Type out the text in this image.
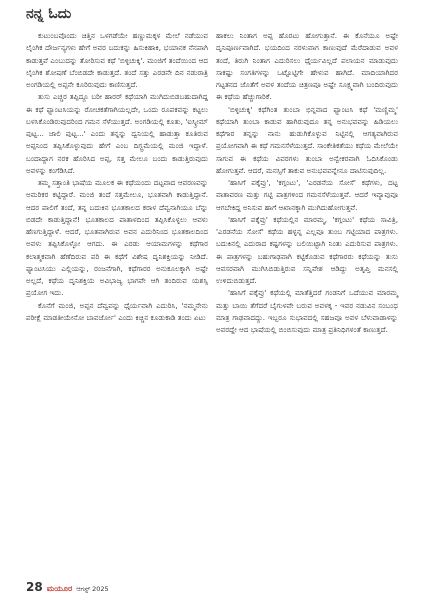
ನನ್ನ ಓದು

ಕುಟುಂಬವೊಂದು ಚಿತ್ತಿನ ಒಳಗಡೆಯೇ ಹಣ್ಣುಮಕ್ಕಳ ಮೇಲೆ ನಡೆಯುವ ಲೈಂಗಿಕ ದೌರ್ಜನ್ಯಗಳು ಹೇಗೆ ಅವರ ಬದುಕನ್ನು ಹಿಸುಕಿಹಾಕಿ, ಭಯಾನಕ ನೆನಪಾಗಿ ಕಾಡುತ್ತವೆ ಎಂಬುದನ್ನು ತೋರಿಸುವ ಕಥೆ 'ಬಿಳ್ಳಿಚುಕ್ಕಿ'. ಮಂಜಿಗೆ ತಂದೆಯಿಂದ ಆದ ಲೈಂಗಿಕ ಶೋಷಣೆ ಬೆಂಬಿಡದೇ ಕಾಡುತ್ತದೆ. ತಂದೆ ಸತ್ತು ಎರಡನೇ ದಿನ ನಡುರಾತ್ರಿ ಅಂಗಡಿಯಲ್ಲಿ ಅಪ್ಪನೇ ಕೂರಿರುವುದು ಕಾಣಿಸುತ್ತದೆ.

ತುಸು ಎಚ್ಚರ ತಪ್ಪಿದ್ದೂ ಬರೀ ಹಾರರ್ ಕಥೆಯಾಗಿ ಮುಗಿದುಬಿಡಬಹುದಾಗಿದ್ದ ಈ ಕಥೆ ಫ್ಯಾಂಟಸಿಯನ್ನು ರೋಚಕತೆಗಾಗಿಯಲ್ಲದೇ, ಒಂದು ರೂಪಕವನ್ನು ಕಟ್ಟಲು ಬಳಸಿಕೊಂಡಿರುವುದರಿಂದ ಗಮನ ಸೆಳೆಯುತ್ತದೆ. ಅಂಗಡಿಯಲ್ಲಿ ಕೂತು, 'ಐಸ್ಕ್ರೀಮ್ ಪುಟ್ಟ... ಜಾಲಿ ಪುಟ್ಟ...' ಎಂದು ತನ್ನನ್ನು ದ್ವನಿಯಲ್ಲಿ ಹಾಡುತ್ತಾ ಕೂತಿರುವ ಅಪ್ಪನಿಂದ ತಪ್ಪಿಸಿಕೊಳ್ಳುವುದು ಹೇಗೆ ಎಂಬ ದಿಗ್ಭ್ರಮೆಯಲ್ಲಿ ಮಂಜಿ ಇದ್ದಾಳೆ. ಬಂದಾದ್ದಾಗ ನರಕ ಹೊರಿಸಿದ ಅಪ್ಪ, ಸತ್ತ ಮೇಲೂ ಬಂದು ಕಾಡುತ್ತಿರುವುದು ಅವಳನ್ನು ಕಂಗೆಡಿಸಿದೆ.

ತಮ್ಮ ಸತ್ತಾಂತಿ ಭಾಷೆಯ ಮೂಲಕ ಈ ಕಥೆಯಂದು ದಟ್ಟವಾದ ಆವರಣವನ್ನು ಅಮರಿಕರ ಕಟ್ಟಿದ್ದಾರೆ. ಮಂಜಿ ತಂದೆ ಸತ್ತಮೇಲೂ, ಭೂತವಾಗಿ ಕಾಡುತ್ತಿದ್ದಾನೆ. ಆದರ ಪಾಲಿಗೆ ತಂದೆ, ತನ್ನ ಬದುಕಿನ ಭೂತಕಾಲದ ಕರಾಳ ದೆವ್ವನಾಗಿಯೂ ಬೆನ್ನು ಬಿಡದೇ ಕಾಡುತ್ತಿದ್ದಾನೆ! ಭೂತಕಾಲದ ಪಾತಾಳದಿಂದ ತಪ್ಪಿಸಿಕೊಳ್ಳಲು ಆವಳು ಹೆಣಗುತ್ತಿದ್ದಾಳೆ. ಆದರೆ, ಭೂತವಾಗಿರುವ ಅವನ ಎದುರಿನಿಂದ ಭೂತಕಾಲದಿಂದ ಅವಳು ತಪ್ಪಿಸಿಕೊಳ್ಳೋ ಆಗದು. ಈ ಎರಡು ಆಯಾಮಗಳನ್ನು ಕಥೆಗಾರ ಕಲಾತ್ಮಕವಾಗಿ ಹೆಣೆದಿರುವ ಪರಿ ಈ ಕಥೆಗೆ ವಿಶೇಷ ದೃನಿಶಕ್ತಿಯನ್ನು ನೀಡಿದೆ. ಫ್ಯಾಂಟಸಿಯು ಎಲ್ಲಿಯನ್ನು, ರಂಜನೆಗಾಗಿ, ಕಥೆಗಾರರ ಅನುಕೂಲಕ್ಕಾಗಿ ಅಷ್ಟೇ ಅಲ್ಲದೆ, ಕಥೆಯ ದೃನಿಶಕ್ತಿಯ ಅವಿಭಾಜ್ಯ ಭಾಗವೇ ಆಗಿ ತಂದಿರುವ ಯಶಸ್ಸಿ ಪ್ರಯೋಗ ಇದು.

ಕೊನೆಗೆ ಮಂಜಿ, ಅಪ್ಪನ ದೆವ್ವವನ್ನು ಧೈರ್ಯವಾಗಿ ಎದುರಿಸಿ, 'ನಮ್ಮನೇನು ಪರೀಕ್ಷೆ ಮಾಡತೀಯೇನೋ ಬಾವರ್ಜೋ' ಎಂದು ಕಿಚ್ಚಿನ ಕೂಡುಕಾಡಿ ತಂದು ಏಟು

ಹಾಕಲು ನಿಂತಾಗ ಅಪ್ಪ ಹೊರಟು ಹೋಗುತ್ತಾನೆ. ಈ ಕೊನೆಯೂ ಅಷ್ಟೇ ದೃನಿಪೂರ್ಣವಾಗಿದೆ. ಭಯದಿಂದ ನರಳುವಾಗ ಕಾಣುವುದೆ ಮೆರೆದಾಡುವ ಅವಳ ತಂದೆ, ತಿರುಗಿ ನಿಂತಾಗ ಎದುರಿಸಲು ಧೈರ್ಯವಿಲ್ಲದೆ ಪಲಾಯನ ಮಾಡುವುದು ಸಾಕಷ್ಟು ಸಂಗತಿಗಳನ್ನು ಒಟ್ಟೊಟ್ಟಿಗೇ ಹೇಳುವ ಹಾಗಿದೆ. ಮಾದಿಯಾಗಿದರ ಗಟ್ಟತನದ ಜೊತೆಗೆ ಅವಳ ತಂದೆಯ ಚಿತ್ರಣವೂ ಅಷ್ಟೇ ಸೂಕ್ಷ್ಮವಾಗಿ ಬಂದಿರುವುದು ಈ ಕಥೆಯ ಹೆಚ್ಚುಗಾರಿಕೆ.

'ಬಿಳ್ಳಿಚುಕ್ಕಿ' ಕಥೆಗಿಂತ ತುಂಬಾ ಭಿನ್ನವಾದ ಫ್ಯಾಂಟಸಿ ಕಥೆ 'ಮಣ್ಣಿಮ್ಮ' ಕಥೆಯಾಗಿ ತುಂಬಾ ಕಾಡುವ ಹಾಗಿರುವುದೂ ತನ್ನ ಅನುಭವವನ್ನು ಹಿಡಿಯಲು ಕಥೆಗಾರ ತನ್ನನ್ನು ನಾನು ಹುಡುಗಿಕೊಳ್ಳುವ ನಿಟ್ಟಿನಲ್ಲಿ ಆಗತ್ಯವಾಗಿರುವ ಪ್ರಯೋಗವಾಗಿ ಈ ಕಥೆ ಗಮನಸೆಳೆಯುತ್ತದೆ. ಸಾಂಕೇತಿಕತೆಯು ಕಥೆಯ ಮೇಲೆಯೇ ಸಾಗುವ ಈ ಕಥೆಯ ವಿವರಗಳು ತುಂಬಾ ಅನ್ವೇಕರವಾಗಿ ಓದಿಸಿಕೊಂಡು ಹೋಗುತ್ತವೆ. ಆದರೆ, ಮನಸ್ಸಿಗೆ ತಾಕುವ ಅನುಭವವನ್ನೇನೂ ದಾಟಿಸುವುದಿಲ್ಲ.

'ಹಾಸಿಗೆ ಪಕ್ಕೆವ್ರು', 'ಕಗ್ಗಂಟು', 'ಎರಡನೆಯ ಸೋಸೆ' ಕಥೆಗಳು, ದಟ್ಟ ವಾತಾವರಣ ಮತ್ತು ಗಟ್ಟಿ ಪಾತ್ರಗಳಿಂದ ಗಮನಸೆಳೆಯುತ್ತವೆ. ಆದರೆ ಇವ್ಯಾವುವೂ ಆಗಬೇಕಿದ್ದ ಅನಿಸುವ ಹಾಗೆ ಆಖಾನಕ್ಕಾಗಿ ಮುಗಿದುಹೋಗುತ್ತವೆ.

'ಹಾಸಿಗೆ ಪಕ್ಕೆವ್ರು' ಕಥೆಯಲ್ಲಿನ ಮಾರಮ್ಮ, 'ಕಗ್ಗಂಟು' ಕಥೆಯ ಸಾವಿತ್ರಿ, 'ಎರಡನೆಯ ಸೋಸೆ' ಕಥೆಯ ಹಳ್ಳನ್ನ ಎಲ್ಲವೂ ತುಂಬ ಗಟ್ಟಿಯಾದ ಪಾತ್ರಗಳು. ಬದುಕಿನಲ್ಲಿ ಎದುರಾದ ಕಷ್ಟಗಳನ್ನು ಬಲಿಯಿಟ್ಟಾಗಿ ನಿಂತು ಎದುರಿಸುವ ಪಾತ್ರಗಳು. ಈ ಪಾತ್ರಗಳನ್ನು ಬಹುಗಾಢವಾಗಿ ಕಟ್ಟಿಕೊಡುವ ಕಥೆಗಾರರು ಕಥೆಯನ್ನು ತುಸು ಆವಸರವಾಗಿ ಮುಗಿಸಿಬಿಡುತ್ತಿರುವ ಸನ್ನಿವೇಶ ಆಡಿದ್ದು ಅತೃಪ್ತಿ ಮನಸಲ್ಲಿ ಉಳಿದುಬಿಡುತ್ತದೆ.

'ಹಾಸಿಗೆ ಪಕ್ಕೆವ್ರು' ಕಥೆಯಲ್ಲಿ ಮಾತೆತ್ತಿದರೆ ಗಂಡನಿಗೆ ಒದೆಯುವ ಮಾರಮ್ಮ ಮತ್ತು ಬಾಯಿ ತೆಗೆದರೆ ಬೈಗುಳವೇ ಬರುವ ಅವಳಕ್ಕ - ಇವರ ನಡುವಿನ ಸಂಬಂಧ ಮಾತ್ರ ಗಾಢವಾದದ್ದು. ಇಬ್ಬರೂ ಸುಭಾವದಲ್ಲಿ ಸಹಜವೂ ಅವಳ ಬೆಳುವಾಡಾಳನ್ನು ಅವರದ್ದೇ ಆದ ಭಾಷೆಯಲ್ಲಿ ಬಿಂಬಿಸುವುದು ಮಾತ್ರ ಪ್ರತಿನಿಧಿಗಳಂತೆ ಕಾಣುತ್ತದೆ.

28 ಮಯೂರ ಆಗಸ್ಟ್ 2025
